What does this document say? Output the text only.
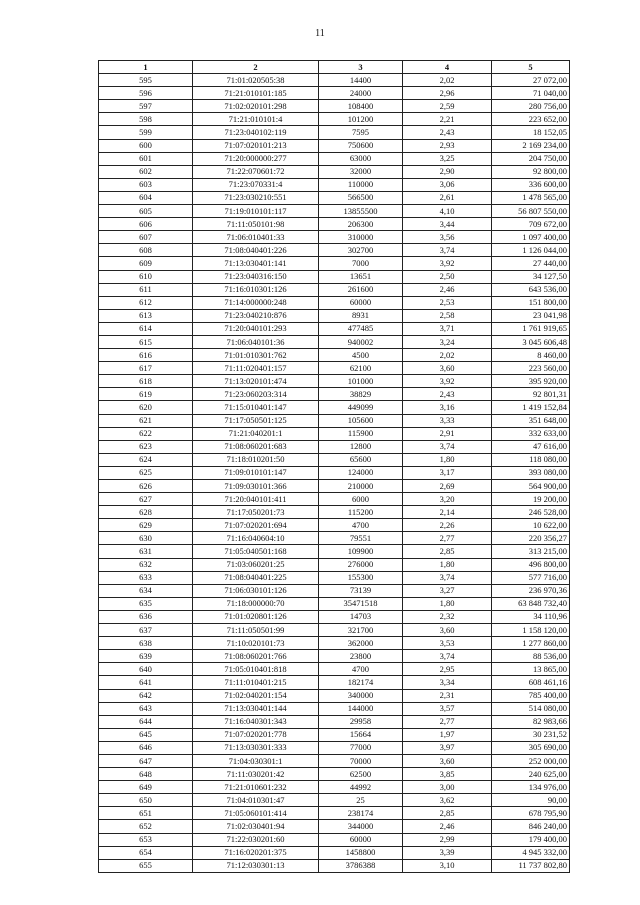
11
1	2	3	4	5
595	71:01:020505:38	14400	2,02	27 072,00
596	71:21:010101:185	24000	2,96	71 040,00
597	71:02:020101:298	108400	2,59	280 756,00
598	71:21:010101:4	101200	2,21	223 652,00
599	71:23:040102:119	7595	2,43	18 152,05
600	71:07:020101:213	750600	2,93	2 169 234,00
601	71:20:000000:277	63000	3,25	204 750,00
602	71:22:070601:72	32000	2,90	92 800,00
603	71:23:070331:4	110000	3,06	336 600,00
604	71:23:030210:551	566500	2,61	1 478 565,00
605	71:19:010101:117	13855500	4,10	56 807 550,00
606	71:11:050101:98	206300	3,44	709 672,00
607	71:06:010401:33	310000	3,56	1 097 400,00
608	71:08:040401:226	302700	3,74	1 126 044,00
609	71:13:030401:141	7000	3,92	27 440,00
610	71:23:040316:150	13651	2,50	34 127,50
611	71:16:010301:126	261600	2,46	643 536,00
612	71:14:000000:248	60000	2,53	151 800,00
613	71:23:040210:876	8931	2,58	23 041,98
614	71:20:040101:293	477485	3,71	1 761 919,65
615	71:06:040101:36	940002	3,24	3 045 606,48
616	71:01:010301:762	4500	2,02	8 460,00
617	71:11:020401:157	62100	3,60	223 560,00
618	71:13:020101:474	101000	3,92	395 920,00
619	71:23:060203:314	38829	2,43	92 801,31
620	71:15:010401:147	449099	3,16	1 419 152,84
621	71:17:050501:125	105600	3,33	351 648,00
622	71:21:040201:1	115900	2,91	332 633,00
623	71:08:060201:683	12800	3,74	47 616,00
624	71:18:010201:50	65600	1,80	118 080,00
625	71:09:010101:147	124000	3,17	393 080,00
626	71:09:030101:366	210000	2,69	564 900,00
627	71:20:040101:411	6000	3,20	19 200,00
628	71:17:050201:73	115200	2,14	246 528,00
629	71:07:020201:694	4700	2,26	10 622,00
630	71:16:040604:10	79551	2,77	220 356,27
631	71:05:040501:168	109900	2,85	313 215,00
632	71:03:060201:25	276000	1,80	496 800,00
633	71:08:040401:225	155300	3,74	577 716,00
634	71:06:030101:126	73139	3,27	236 970,36
635	71:18:000000:70	35471518	1,80	63 848 732,40
636	71:01:020801:126	14703	2,32	34 110,96
637	71:11:050501:99	321700	3,60	1 158 120,00
638	71:10:020101:73	362000	3,53	1 277 860,00
639	71:08:060201:766	23800	3,74	88 536,00
640	71:05:010401:818	4700	2,95	13 865,00
641	71:11:010401:215	182174	3,34	608 461,16
642	71:02:040201:154	340000	2,31	785 400,00
643	71:13:030401:144	144000	3,57	514 080,00
644	71:16:040301:343	29958	2,77	82 983,66
645	71:07:020201:778	15664	1,97	30 231,52
646	71:13:030301:333	77000	3,97	305 690,00
647	71:04:030301:1	70000	3,60	252 000,00
648	71:11:030201:42	62500	3,85	240 625,00
649	71:21:010601:232	44992	3,00	134 976,00
650	71:04:010301:47	25	3,62	90,00
651	71:05:060101:414	238174	2,85	678 795,90
652	71:02:030401:94	344000	2,46	846 240,00
653	71:22:030201:60	60000	2,99	179 400,00
654	71:16:020201:375	1458800	3,39	4 945 332,00
655	71:12:030301:13	3786388	3,10	11 737 802,80
